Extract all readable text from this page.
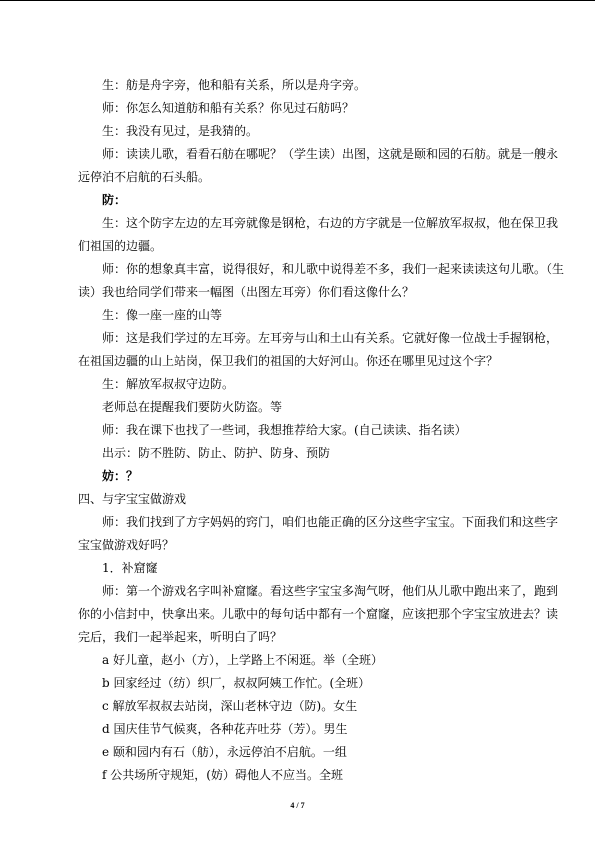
生：舫是舟字旁，他和船有关系，所以是舟字旁。

师：你怎么知道舫和船有关系？你见过石舫吗？

生：我没有见过，是我猜的。

师：读读儿歌，看看石舫在哪呢？（学生读）出图，这就是颐和园的石舫。就是一艘永

远停泊不启航的石头船。

防：

生：这个防字左边的左耳旁就像是钢枪，右边的方字就是一位解放军叔叔，他在保卫我

们祖国的边疆。

师：你的想象真丰富，说得很好，和儿歌中说得差不多，我们一起来读读这句儿歌。（生

读）我也给同学们带来一幅图（出图左耳旁）你们看这像什么？

生：像一座一座的山等

师：这是我们学过的左耳旁。左耳旁与山和土山有关系。它就好像一位战士手握钢枪，

在祖国边疆的山上站岗，保卫我们的祖国的大好河山。你还在哪里见过这个字？

生：解放军叔叔守边防。

老师总在提醒我们要防火防盗。等

师：我在课下也找了一些词，我想推荐给大家。(自己读读、指名读）

出示：防不胜防、防止、防护、防身、预防

妨：？

四、与字宝宝做游戏

师：我们找到了方字妈妈的窍门，咱们也能正确的区分这些字宝宝。下面我们和这些字

宝宝做游戏好吗？

1．补窟窿

师：第一个游戏名字叫补窟窿。看这些字宝宝多淘气呀，他们从儿歌中跑出来了，跑到

你的小信封中，快拿出来。儿歌中的每句话中都有一个窟窿，应该把那个字宝宝放进去？读

完后，我们一起举起来，听明白了吗？

a 好儿童，赵小（方），上学路上不闲逛。举（全班）

b 回家经过（纺）织厂，叔叔阿姨工作忙。(全班）

c 解放军叔叔去站岗，深山老林守边（防)。女生

d 国庆佳节气候爽，各种花卉吐芬（芳）。男生

e 颐和园内有石（舫），永远停泊不启航。一组

f 公共场所守规矩，(妨）碍他人不应当。全班

4 / 7
